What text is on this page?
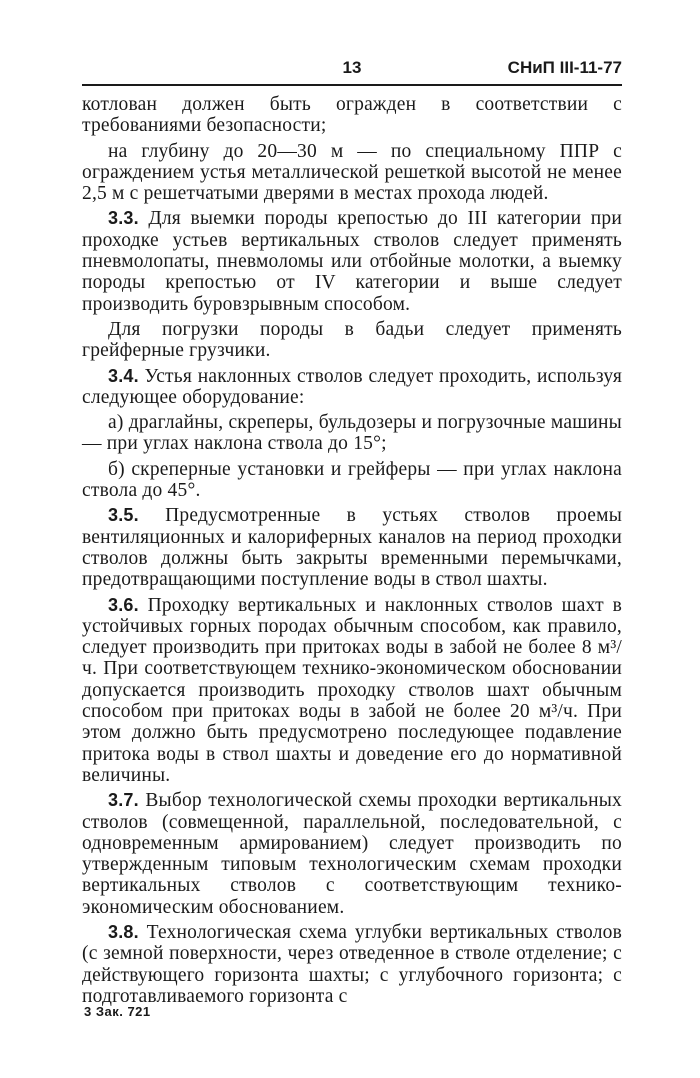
13	СНиП III-11-77

котлован должен быть огражден в соответствии с требованиями безопасности;

на глубину до 20—30 м — по специальному ППР с ограждением устья металлической решеткой высотой не менее 2,5 м с решетчатыми дверями в местах прохода людей.

3.3. Для выемки породы крепостью до III категории при проходке устьев вертикальных стволов следует применять пневмолопаты, пневмоломы или отбойные молотки, а выемку породы крепостью от IV категории и выше следует производить буровзрывным способом.

Для погрузки породы в бадьи следует применять грейферные грузчики.

3.4. Устья наклонных стволов следует проходить, используя следующее оборудование:

а) драглайны, скреперы, бульдозеры и погрузочные машины — при углах наклона ствола до 15°;

б) скреперные установки и грейферы — при углах наклона ствола до 45°.

3.5. Предусмотренные в устьях стволов проемы вентиляционных и калориферных каналов на период проходки стволов должны быть закрыты временными перемычками, предотвращающими поступление воды в ствол шахты.

3.6. Проходку вертикальных и наклонных стволов шахт в устойчивых горных породах обычным способом, как правило, следует производить при притоках воды в забой не более 8 м³/ч. При соответствующем технико-экономическом обосновании допускается производить проходку стволов шахт обычным способом при притоках воды в забой не более 20 м³/ч. При этом должно быть предусмотрено последующее подавление притока воды в ствол шахты и доведение его до нормативной величины.

3.7. Выбор технологической схемы проходки вертикальных стволов (совмещенной, параллельной, последовательной, с одновременным армированием) следует производить по утвержденным типовым технологическим схемам проходки вертикальных стволов с соответствующим технико-экономическим обоснованием.

3.8. Технологическая схема углубки вертикальных стволов (с земной поверхности, через отведенное в стволе отделение; с действующего горизонта шахты; с углубочного горизонта; с подготавливаемого горизонта с

3 Зак. 721
